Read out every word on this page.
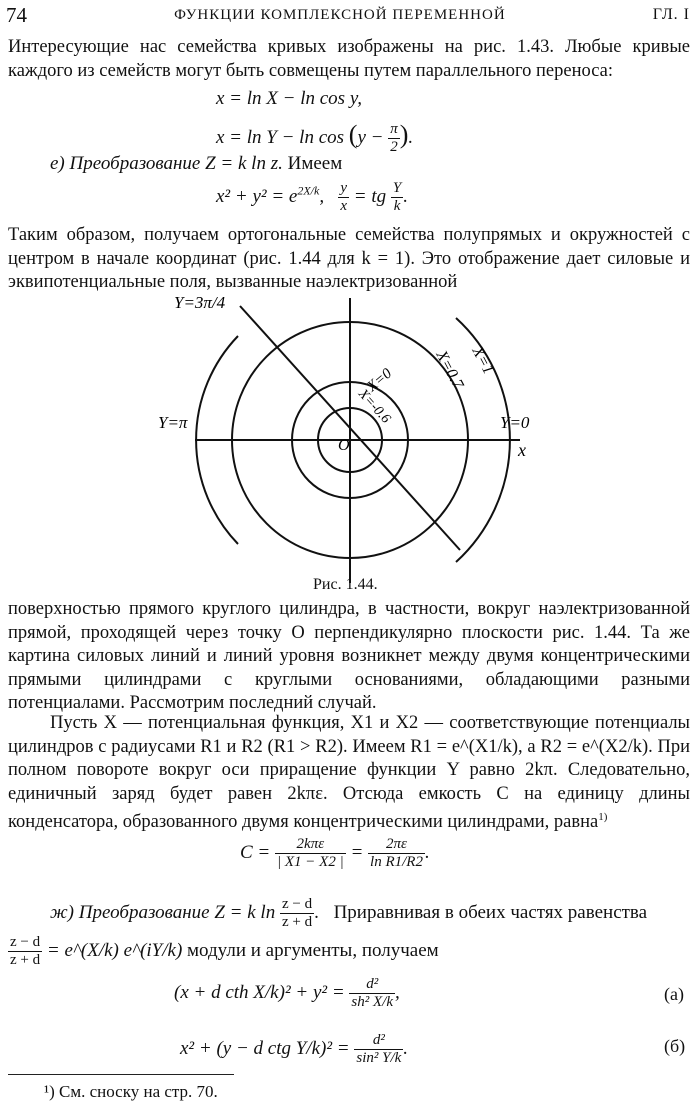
74	ФУНКЦИИ КОМПЛЕКСНОЙ ПЕРЕМЕННОЙ	ГЛ. I
Интересующие нас семейства кривых изображены на рис. 1.43. Любые кривые каждого из семейств могут быть совмещены путем параллельного переноса:
x = ln X − ln cos y,
$x = \ln Y - \ln \cos (y - \frac{\pi}{2}$ ).
е) Преобразование Z = k ln z. Имеем
$x^2 + y^2 = e^{2X/k}$, $\frac{y}{x}$ = tg $\frac{Y}{k}$ .
Таким образом, получаем ортогональные семейства полупрямых и окружностей с центром в начале координат (рис. 1.44 для k = 1). Это отображение дает силовые и эквипотенциальные поля, вызванные наэлектризованной
Y=3π/4
Y=π	Y=0
x
O
X=1
X=0.7
X=0
X=-0.6
Рис. 1.44.
поверхностью прямого круглого цилиндра, в частности, вокруг наэлектризованной прямой, проходящей через точку O перпендикулярно плоскости рис. 1.44. Та же картина силовых линий и линий уровня возникнет между двумя концентрическими прямыми цилиндрами с круглыми основаниями, обладающими разными потенциалами. Рассмотрим последний случай.
Пусть X — потенциальная функция, X1 и X2 — соответствующие потенциалы цилиндров с радиусами R1 и R2 (R1 > R2). Имеем R1 = e^(X1/k), а R2 = e^(X2/k). При полном повороте вокруг оси приращение функции Y равно 2kπ. Следовательно, единичный заряд будет равен 2kπε. Отсюда емкость C на единицу длины конденсатора, образованного двумя концентрическими цилиндрами, равна$^{1)}$
$C = \frac{\text{2kπε}}{| X1 - X2 |} = \frac{2\pi\varepsilon}{\text{ln R1/R2}}$ .
ж) Преобразование Z = k $\ln \frac{z - d}{z + d}$ . Приравнивая в обеих частях равенства
$\frac{z - d}{z + d}$ = e^(X/k) e^(iY/k) модули и аргументы, получаем
(x + d cth $X/k)^2 + y^2 = \frac{\text{d²}}{\text{sh² X/k}}$ ,	(a)
x² + (y − d ctg $Y/k)^2 = \frac{\text{d²}}{\text{sin² Y/k}}$ .	(б)
¹) См. сноску на стр. 70.
